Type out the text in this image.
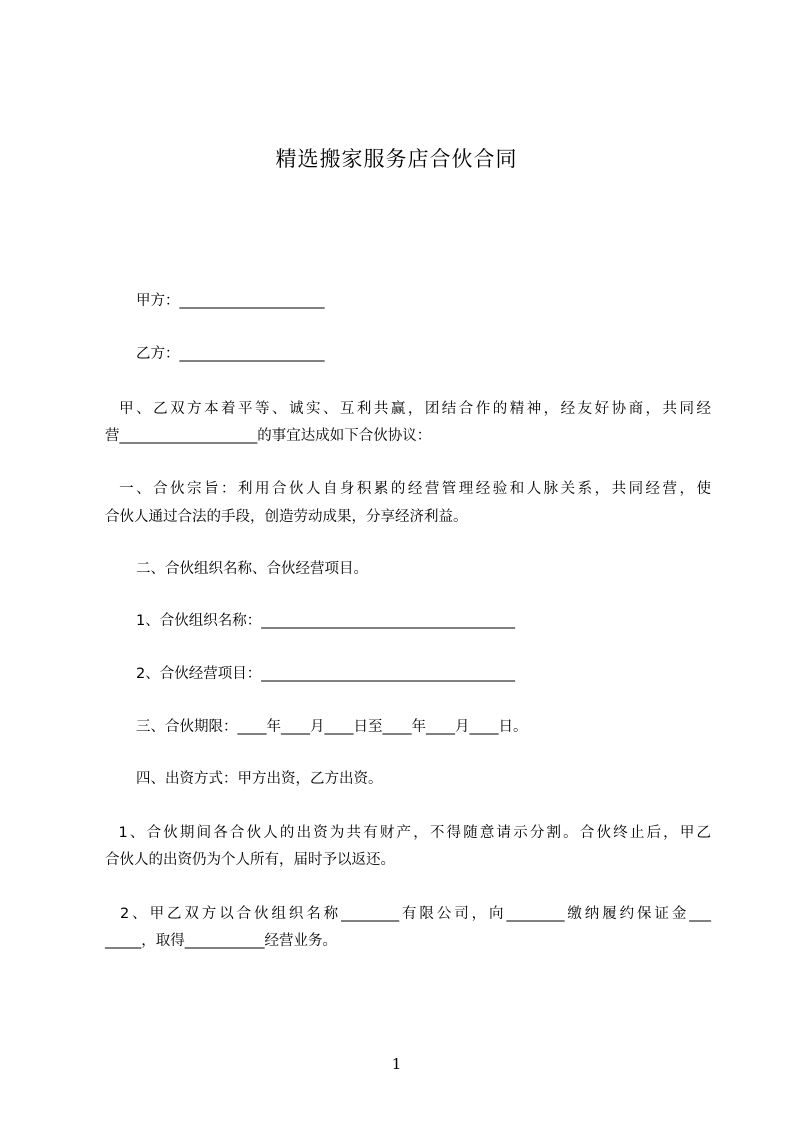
精选搬家服务店合伙合同
甲方：____________________
乙方：____________________
甲、乙双方本着平等、诚实、互利共赢，团结合作的精神，经友好协商，共同经
营___________________的事宜达成如下合伙协议：
一、合伙宗旨：利用合伙人自身积累的经营管理经验和人脉关系，共同经营，使
合伙人通过合法的手段，创造劳动成果，分享经济利益。
二、合伙组织名称、合伙经营项目。
1、合伙组织名称：___________________________________
2、合伙经营项目：___________________________________
三、合伙期限：____年____月____日至____年____月____日。
四、出资方式：甲方出资，乙方出资。
1、合伙期间各合伙人的出资为共有财产，不得随意请示分割。合伙终止后，甲乙
合伙人的出资仍为个人所有，届时予以返还。
2、甲乙双方以合伙组织名称________有限公司，向________缴纳履约保证金___
_____，取得___________经营业务。
1
